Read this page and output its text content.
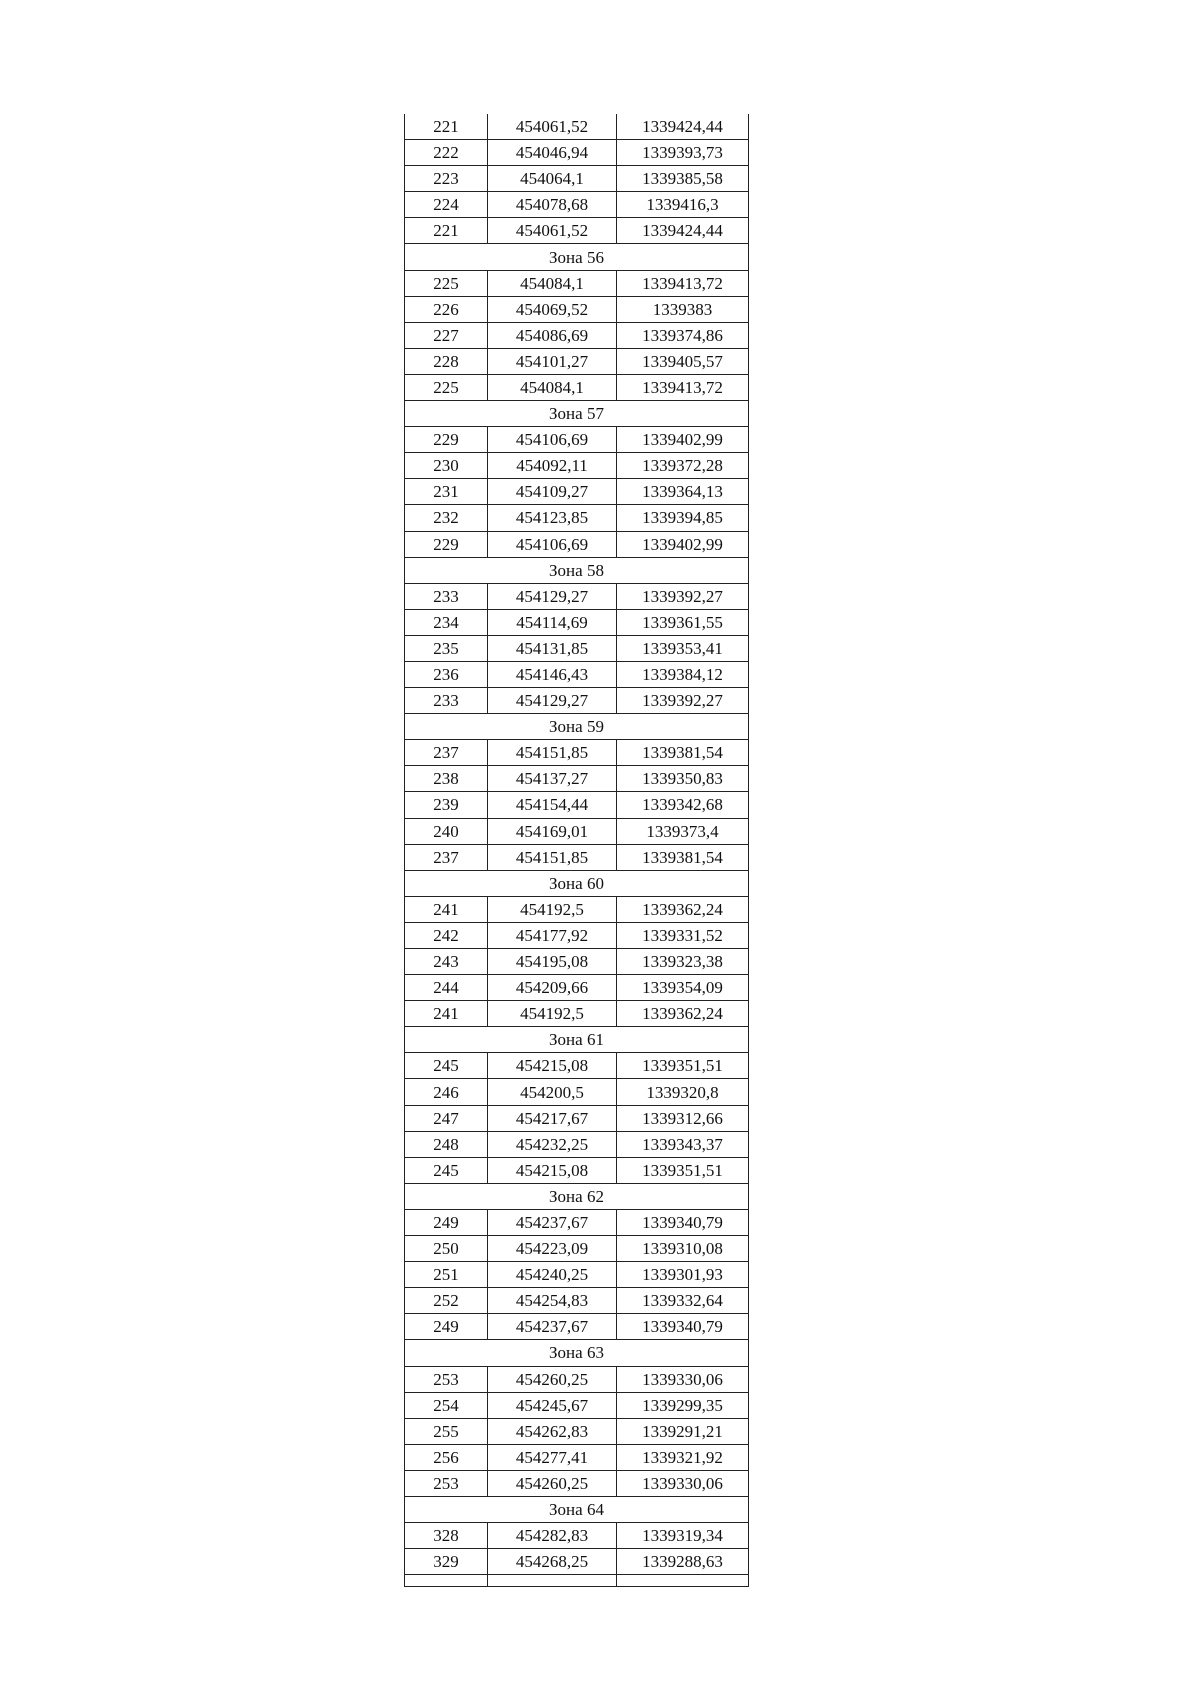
221	454061,52	1339424,44
222	454046,94	1339393,73
223	454064,1	1339385,58
224	454078,68	1339416,3
221	454061,52	1339424,44
Зона 56		
225	454084,1	1339413,72
226	454069,52	1339383
227	454086,69	1339374,86
228	454101,27	1339405,57
225	454084,1	1339413,72
Зона 57		
229	454106,69	1339402,99
230	454092,11	1339372,28
231	454109,27	1339364,13
232	454123,85	1339394,85
229	454106,69	1339402,99
Зона 58		
233	454129,27	1339392,27
234	454114,69	1339361,55
235	454131,85	1339353,41
236	454146,43	1339384,12
233	454129,27	1339392,27
Зона 59		
237	454151,85	1339381,54
238	454137,27	1339350,83
239	454154,44	1339342,68
240	454169,01	1339373,4
237	454151,85	1339381,54
Зона 60		
241	454192,5	1339362,24
242	454177,92	1339331,52
243	454195,08	1339323,38
244	454209,66	1339354,09
241	454192,5	1339362,24
Зона 61		
245	454215,08	1339351,51
246	454200,5	1339320,8
247	454217,67	1339312,66
248	454232,25	1339343,37
245	454215,08	1339351,51
Зона 62		
249	454237,67	1339340,79
250	454223,09	1339310,08
251	454240,25	1339301,93
252	454254,83	1339332,64
249	454237,67	1339340,79
Зона 63		
253	454260,25	1339330,06
254	454245,67	1339299,35
255	454262,83	1339291,21
256	454277,41	1339321,92
253	454260,25	1339330,06
Зона 64		
328	454282,83	1339319,34
329	454268,25	1339288,63
